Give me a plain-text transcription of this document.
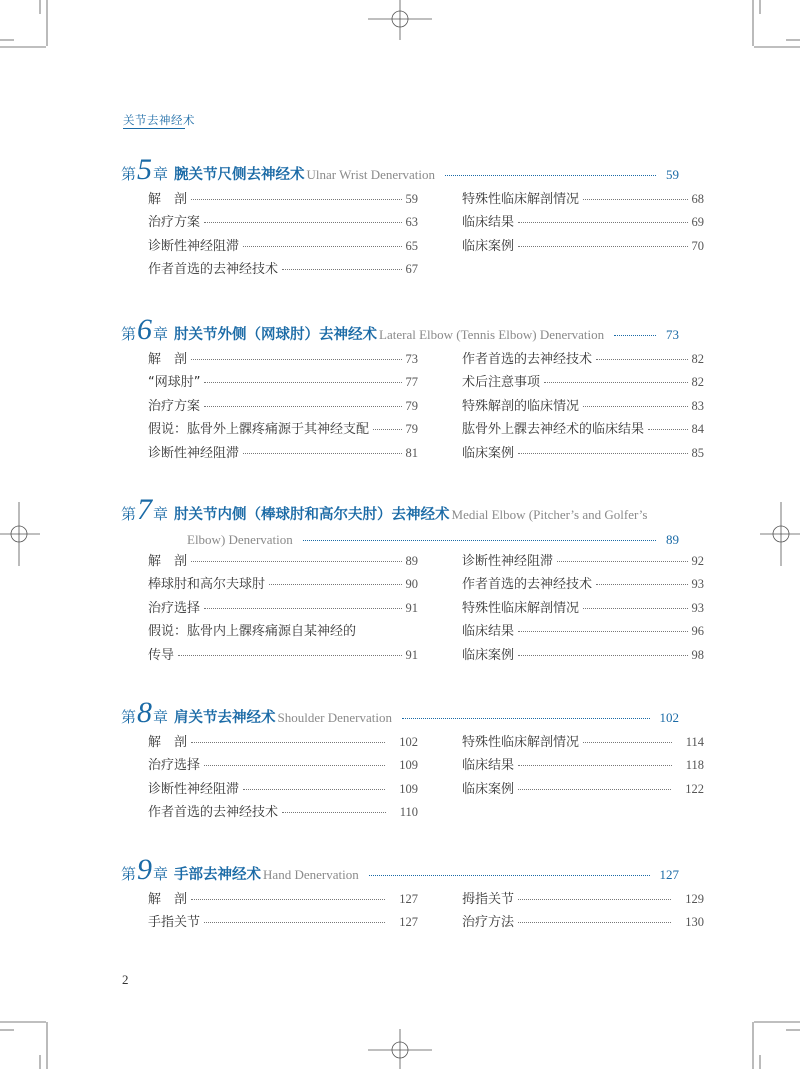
关节去神经术
第 5 章 腕关节尺侧去神经术 Ulnar Wrist Denervation	59
解　剖	59
治疗方案	63
诊断性神经阻滞	65
作者首选的去神经技术	67
特殊性临床解剖情况	68
临床结果	69
临床案例	70
第 6 章 肘关节外侧（网球肘）去神经术 Lateral Elbow (Tennis Elbow) Denervation	73
解　剖	73
“网球肘”	77
治疗方案	79
假说：肱骨外上髁疼痛源于其神经支配	79
诊断性神经阻滞	81
作者首选的去神经技术	82
术后注意事项	82
特殊解剖的临床情况	83
肱骨外上髁去神经术的临床结果	84
临床案例	85
第 7 章 肘关节内侧（棒球肘和高尔夫肘）去神经术 Medial Elbow (Pitcher’s and Golfer’s
Elbow) Denervation	89
解　剖	89
棒球肘和高尔夫球肘	90
治疗选择	91
假说：肱骨内上髁疼痛源自某神经的
传导	91
诊断性神经阻滞	92
作者首选的去神经技术	93
特殊性临床解剖情况	93
临床结果	96
临床案例	98
第 8 章 肩关节去神经术 Shoulder Denervation	102
解　剖	102
治疗选择	109
诊断性神经阻滞	109
作者首选的去神经技术	110
特殊性临床解剖情况	114
临床结果	118
临床案例	122
第 9 章 手部去神经术 Hand Denervation	127
解　剖	127
手指关节	127
拇指关节	129
治疗方法	130
2
